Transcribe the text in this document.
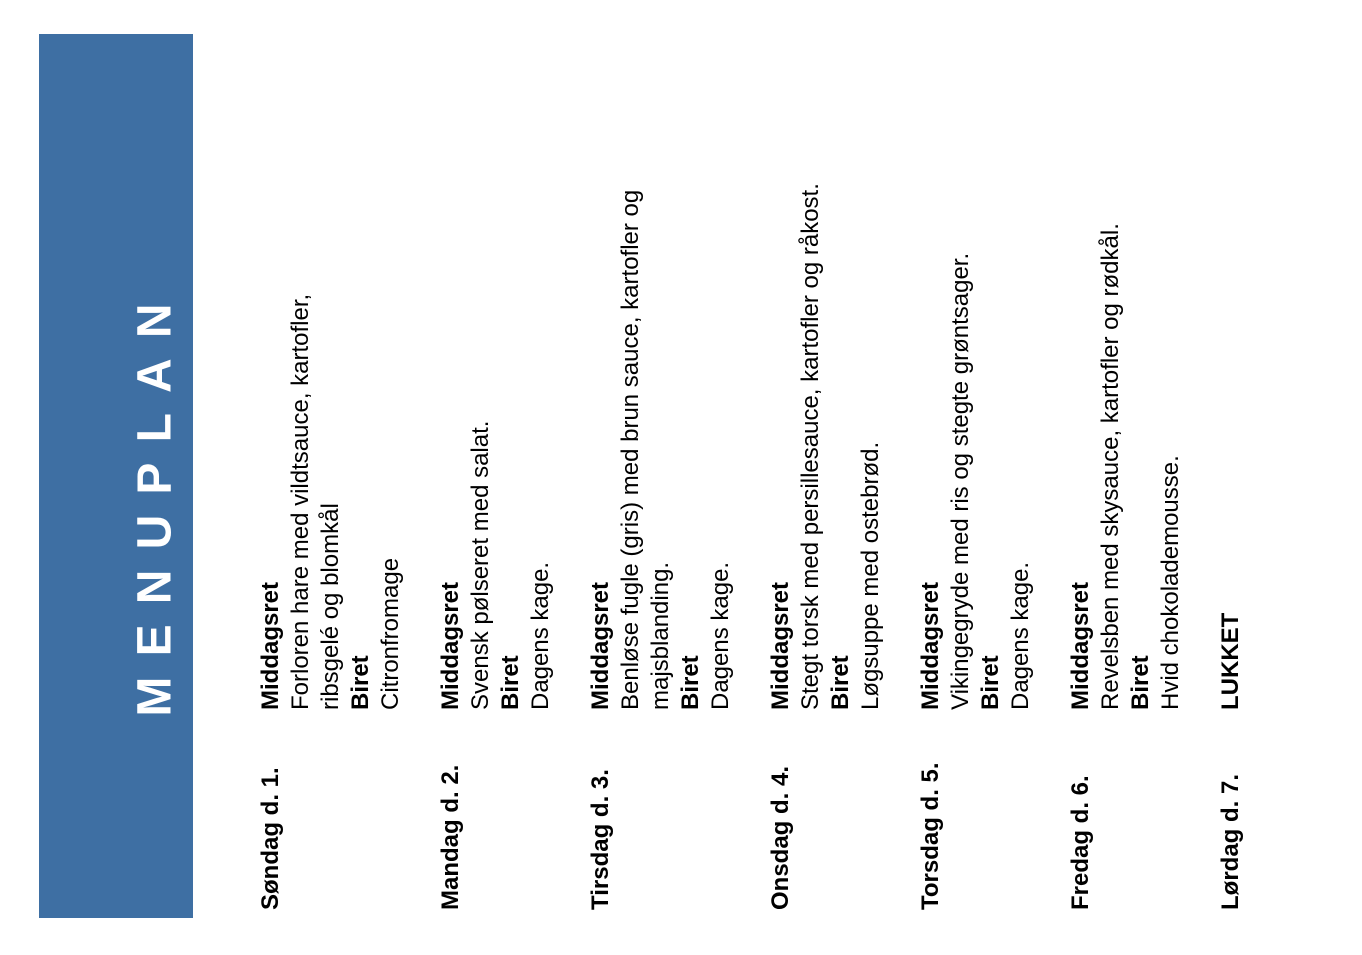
MENUPLAN
Søndag d. 1.
Middagsret Forloren hare med vildtsauce, kartofler, ribsgelé og blomkål Biret Citronfromage
Mandag d. 2.
Middagsret Svensk pølseret med salat. Biret Dagens kage.
Tirsdag d. 3.
Middagsret Benløse fugle (gris) med brun sauce, kartofler og majsblanding. Biret Dagens kage.
Onsdag d. 4.
Middagsret Stegt torsk med persillesauce, kartofler og råkost. Biret Løgsuppe med ostebrød.
Torsdag d. 5.
Middagsret Vikingegryde med ris og stegte grøntsager. Biret Dagens kage.
Fredag d. 6.
Middagsret Revelsben med skysauce, kartofler og rødkål. Biret Hvid chokolademousse.
Lørdag d. 7.
LUKKET
